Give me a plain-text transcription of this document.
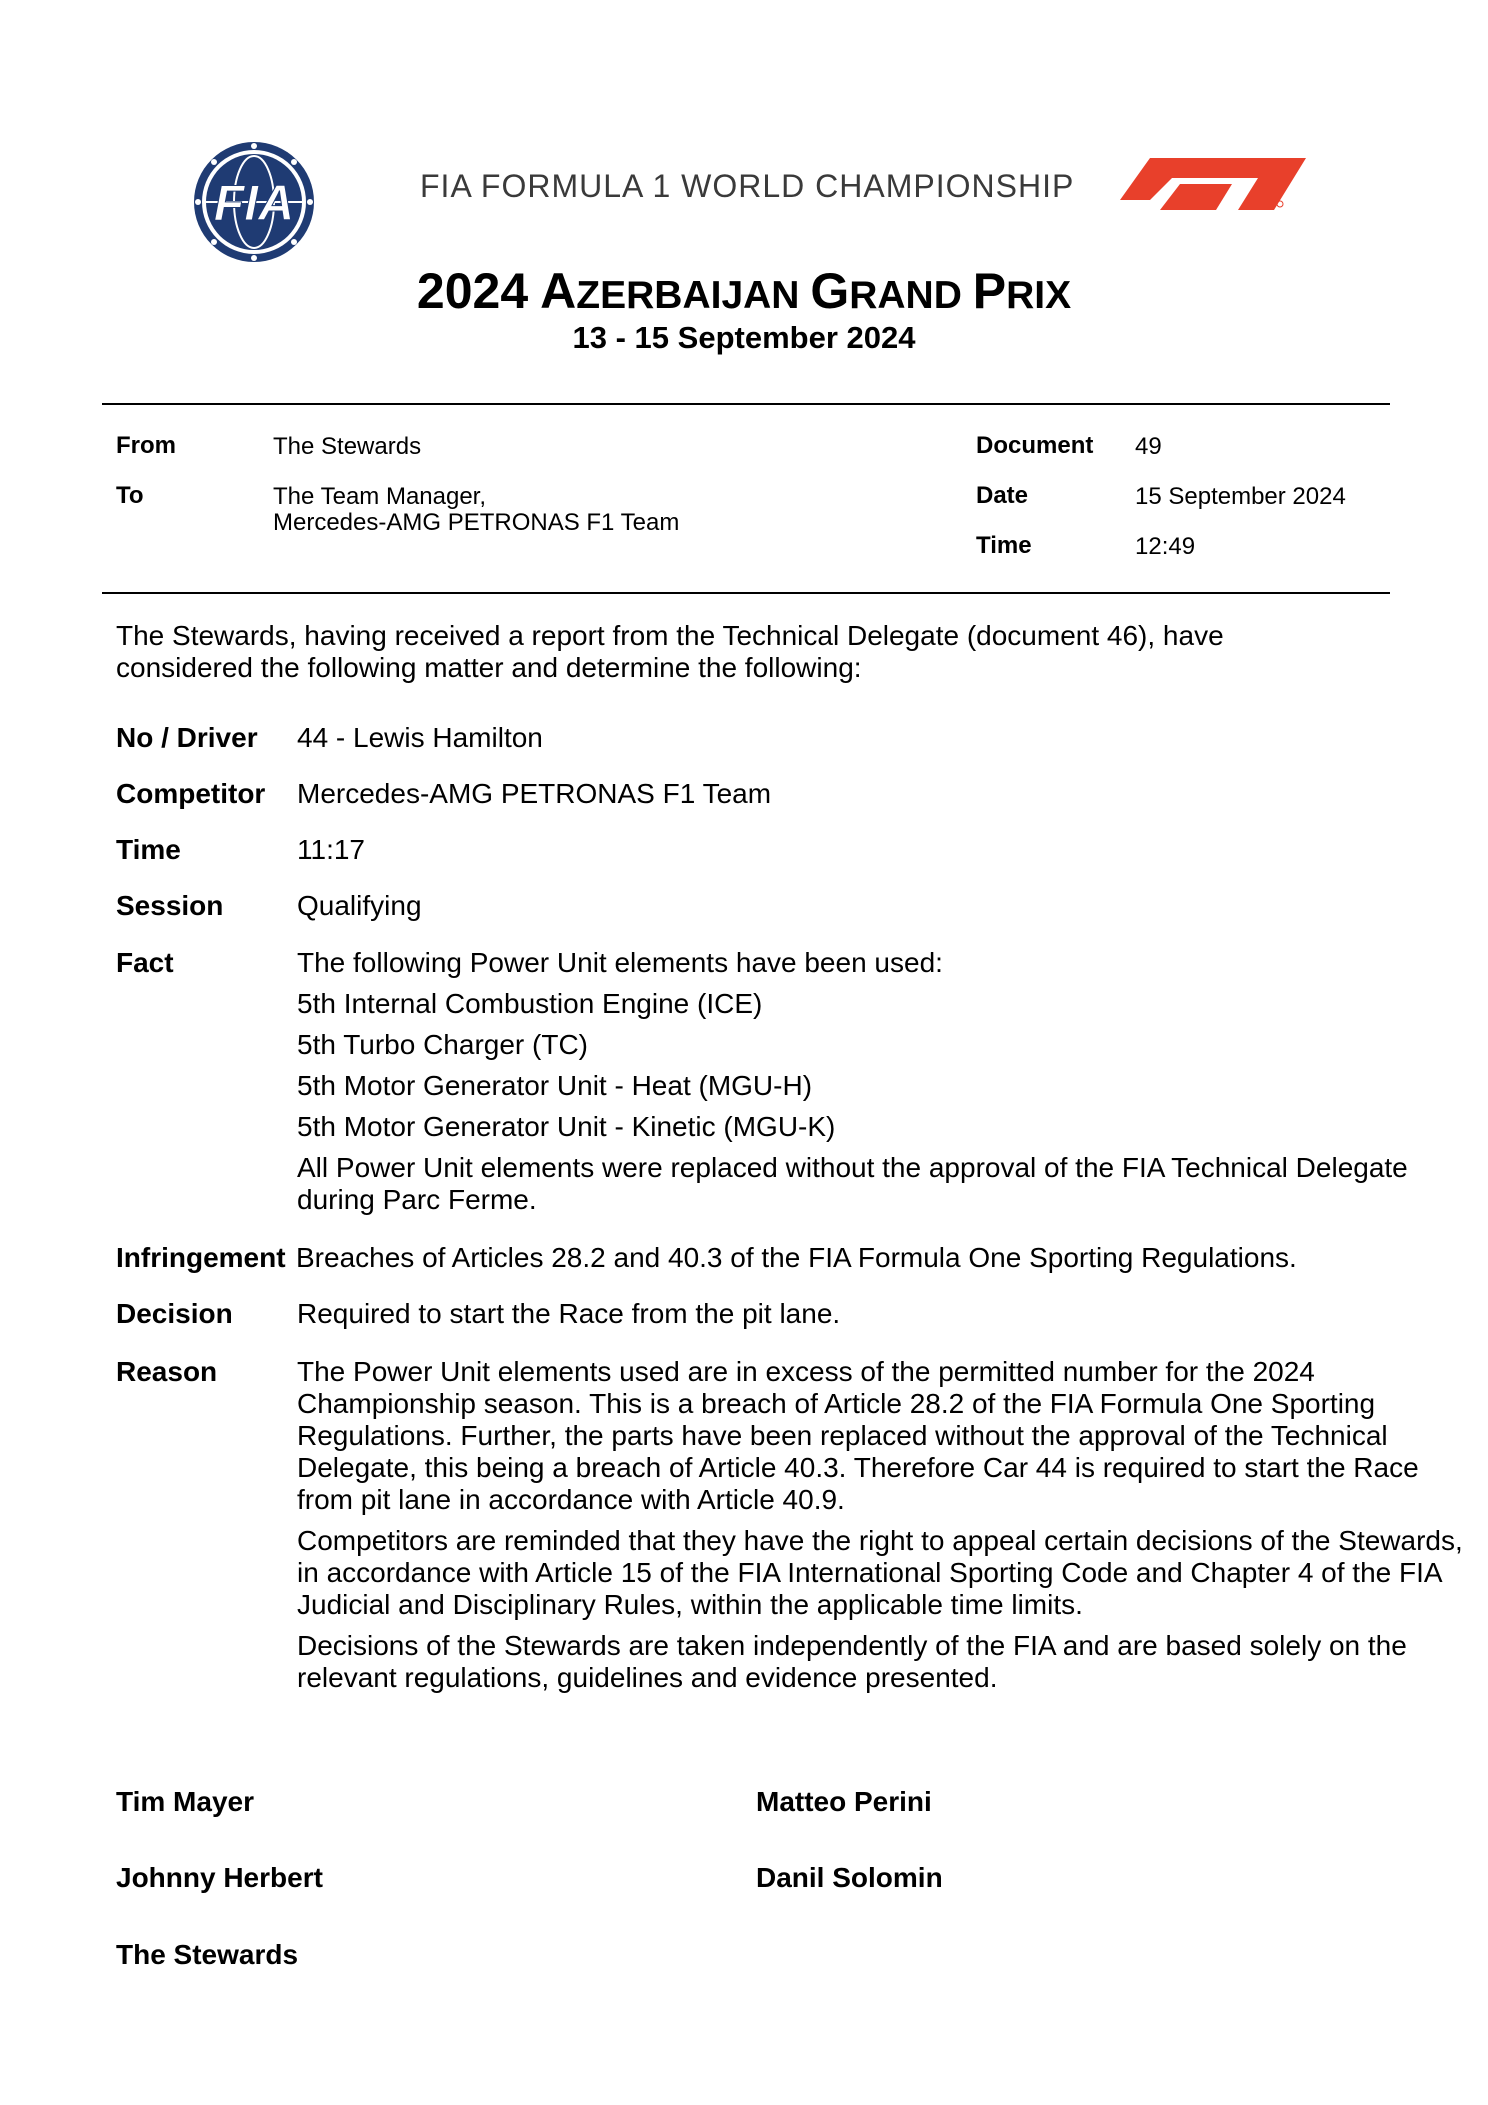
FIA	FIA FORMULA 1 WORLD CHAMPIONSHIP
F1
2024 AZERBAIJAN GRAND PRIX
13 - 15 September 2024
From	The Stewards
To	The Team Manager,
Mercedes-AMG PETRONAS F1 Team
Document 49
Date	15 September 2024
Time	12:49
The Stewards, having received a report from the Technical Delegate (document 46), have considered the following matter and determine the following:
No / Driver 44 - Lewis Hamilton
Competitor Mercedes-AMG PETRONAS F1 Team
Time	11:17
Session	Qualifying
Fact	The following Power Unit elements have been used:

5th Internal Combustion Engine (ICE)

5th Turbo Charger (TC)

5th Motor Generator Unit - Heat (MGU-H)

5th Motor Generator Unit - Kinetic (MGU-K)

All Power Unit elements were replaced without the approval of the FIA Technical Delegate during Parc Ferme.

Infringement Breaches of Articles 28.2 and 40.3 of the FIA Formula One Sporting Regulations.
Decision Required to start the Race from the pit lane.
Reason	The Power Unit elements used are in excess of the permitted number for the 2024 Championship season. This is a breach of Article 28.2 of the FIA Formula One Sporting Regulations. Further, the parts have been replaced without the approval of the Technical Delegate, this being a breach of Article 40.3. Therefore Car 44 is required to start the Race from pit lane in accordance with Article 40.9.

Competitors are reminded that they have the right to appeal certain decisions of the Stewards, in accordance with Article 15 of the FIA International Sporting Code and Chapter 4 of the FIA Judicial and Disciplinary Rules, within the applicable time limits.

Decisions of the Stewards are taken independently of the FIA and are based solely on the relevant regulations, guidelines and evidence presented.

Tim Mayer	Matteo Perini
Johnny Herbert	Danil Solomin
The Stewards
